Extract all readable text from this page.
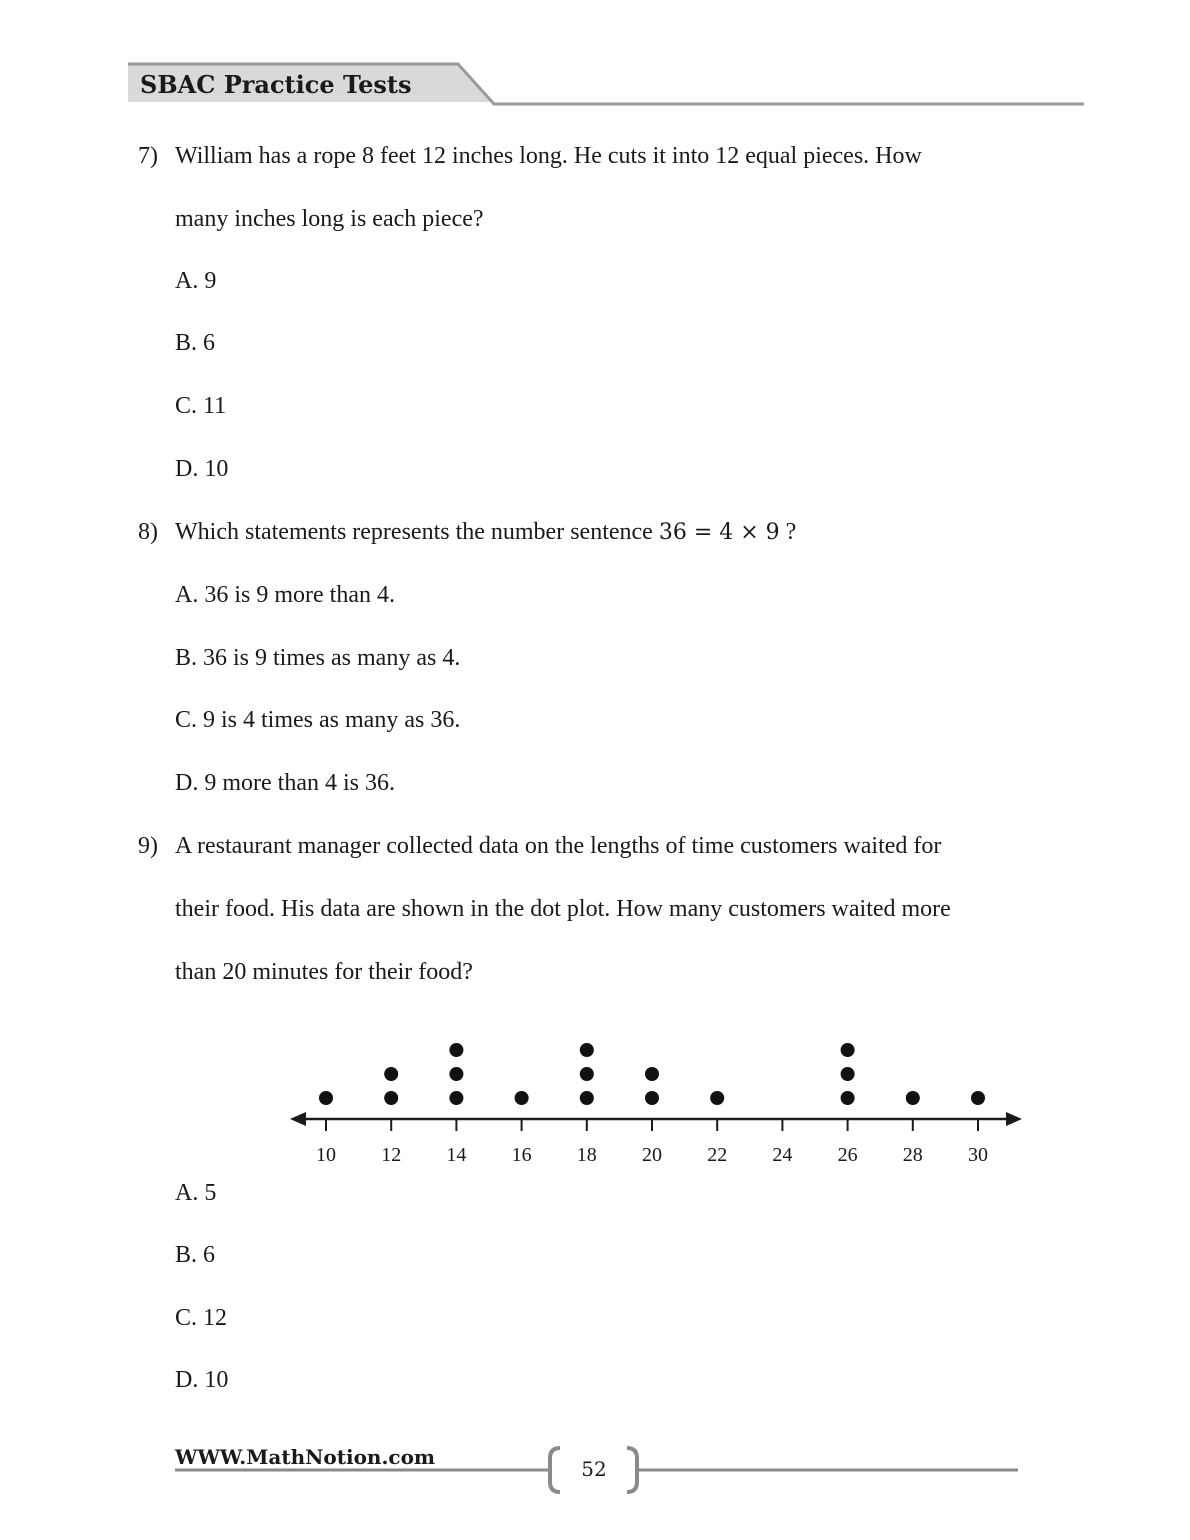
SBAC Practice Tests
7) William has a rope 8 feet 12 inches long. He cuts it into 12 equal pieces. How
many inches long is each piece?
A. 9
B. 6
C. 11
D. 10
8) Which statements represents the number sentence 36 = 4 × 9 ?
A. 36 is 9 more than 4.
B. 36 is 9 times as many as 4.
C. 9 is 4 times as many as 36.
D. 9 more than 4 is 36.
9) A restaurant manager collected data on the lengths of time customers waited for
their food. His data are shown in the dot plot. How many customers waited more
than 20 minutes for their food?
10 12 14 16 18 20 22 24 26 28 30
A. 5
B. 6
C. 12
D. 10
WWW.MathNotion.com	52
